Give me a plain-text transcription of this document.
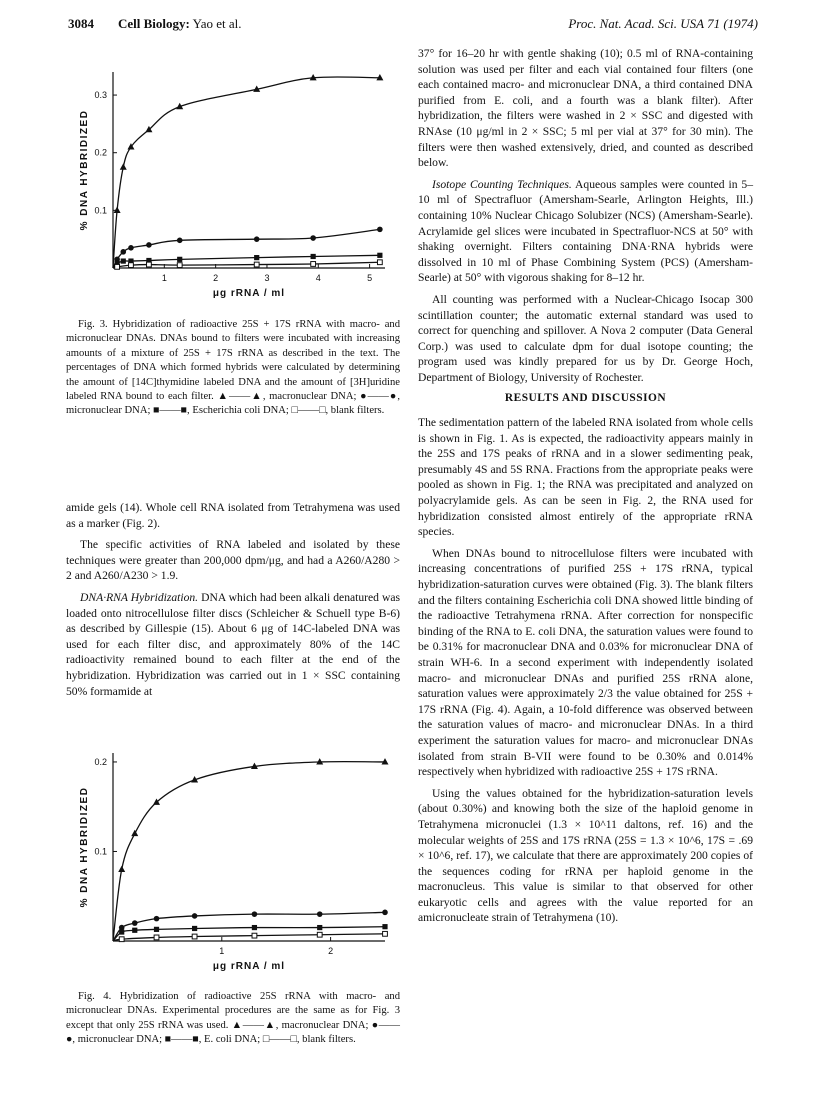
3084 Cell Biology: Yao et al.	Proc. Nat. Acad. Sci. USA 71 (1974)
0.1
0.2
0.3
1	2	3	4	5
μg rRNA / ml
% DNA HYBRIDIZED

Fig. 3. Hybridization of radioactive 25S + 17S rRNA with macro- and micronuclear DNAs. DNAs bound to filters were incubated with increasing amounts of a mixture of 25S + 17S rRNA as described in the text. The percentages of DNA which formed hybrids were calculated by determining the amount of [14C]thymidine labeled DNA and the amount of [3H]uridine labeled RNA bound to each filter. ▲——▲, macronuclear DNA; ●——●, micronuclear DNA; ■——■, Escherichia coli DNA; □——□, blank filters.

amide gels (14). Whole cell RNA isolated from Tetrahymena was used as a marker (Fig. 2).

The specific activities of RNA labeled and isolated by these techniques were greater than 200,000 dpm/μg, and had a A260/A280 > 2 and A260/A230 > 1.9.

DNA·RNA Hybridization. DNA which had been alkali denatured was loaded onto nitrocellulose filter discs (Schleicher & Schuell type B-6) as described by Gillespie (15). About 6 μg of 14C-labeled DNA was used for each filter disc, and approximately 80% of the 14C radioactivity remained bound to each filter at the end of the hybridization. Hybridization was carried out in 1 × SSC containing 50% formamide at

0.1
0.2
1	2
μg rRNA / ml
% DNA HYBRIDIZED

Fig. 4. Hybridization of radioactive 25S rRNA with macro- and micronuclear DNAs. Experimental procedures are the same as for Fig. 3 except that only 25S rRNA was used. ▲——▲, macronuclear DNA; ●——●, micronuclear DNA; ■——■, E. coli DNA; □——□, blank filters.

37° for 16–20 hr with gentle shaking (10); 0.5 ml of RNA-containing solution was used per filter and each vial contained four filters (one each contained macro- and micronuclear DNA, a third contained DNA purified from E. coli, and a fourth was a blank filter). After hybridization, the filters were washed in 2 × SSC and digested with RNAse (10 μg/ml in 2 × SSC; 5 ml per vial at 37° for 30 min). The filters were then washed extensively, dried, and counted as described below.

Isotope Counting Techniques. Aqueous samples were counted in 5–10 ml of Spectrafluor (Amersham-Searle, Arlington Heights, Ill.) containing 10% Nuclear Chicago Solubizer (NCS) (Amersham-Searle). Acrylamide gel slices were incubated in Spectrafluor-NCS at 50° with shaking overnight. Filters containing DNA·RNA hybrids were dissolved in 10 ml of Phase Combining System (PCS) (Amersham-Searle) at 50° with vigorous shaking for 8–12 hr.

All counting was performed with a Nuclear-Chicago Isocap 300 scintillation counter; the automatic external standard was used to correct for quenching and spillover. A Nova 2 computer (Data General Corp.) was used to calculate dpm for dual isotope counting; the program used was kindly prepared for us by Dr. George Hoch, Department of Biology, University of Rochester.

RESULTS AND DISCUSSION

The sedimentation pattern of the labeled RNA isolated from whole cells is shown in Fig. 1. As is expected, the radioactivity appears mainly in the 25S and 17S peaks of rRNA and in a slower sedimenting peak, presumably 4S and 5S RNA. Fractions from the appropriate peaks were pooled as shown in Fig. 1; the RNA was precipitated and analyzed on polyacrylamide gels. As can be seen in Fig. 2, the RNA used for hybridization consisted almost entirely of the appropriate rRNA species.

When DNAs bound to nitrocellulose filters were incubated with increasing concentrations of purified 25S + 17S rRNA, typical hybridization-saturation curves were obtained (Fig. 3). The blank filters and the filters containing Escherichia coli DNA showed little binding of the radioactive Tetrahymena rRNA. After correction for nonspecific binding of the RNA to E. coli DNA, the saturation values were found to be 0.31% for macronuclear DNA and 0.03% for micronuclear DNA of strain WH-6. In a second experiment with independently isolated macro- and micronuclear DNAs and purified 25S rRNA alone, saturation values were approximately 2/3 the value obtained for 25S + 17S rRNA (Fig. 4). Again, a 10-fold difference was observed between the saturation values of macro- and micronuclear DNAs. In a third experiment the saturation values for macro- and micronuclear DNAs isolated from strain B-VII were found to be 0.30% and 0.014% respectively when hybridized with radioactive 25S + 17S rRNA.

Using the values obtained for the hybridization-saturation levels (about 0.30%) and knowing both the size of the haploid genome in Tetrahymena micronuclei (1.3 × 10^11 daltons, ref. 16) and the molecular weights of 25S and 17S rRNA (25S = 1.3 × 10^6, 17S = .69 × 10^6, ref. 17), we calculate that there are approximately 200 copies of the sequences coding for rRNA per haploid genome in the macronucleus. This value is similar to that observed for other eukaryotic cells and agrees with the value reported for an amicronucleate strain of Tetrahymena (10).
